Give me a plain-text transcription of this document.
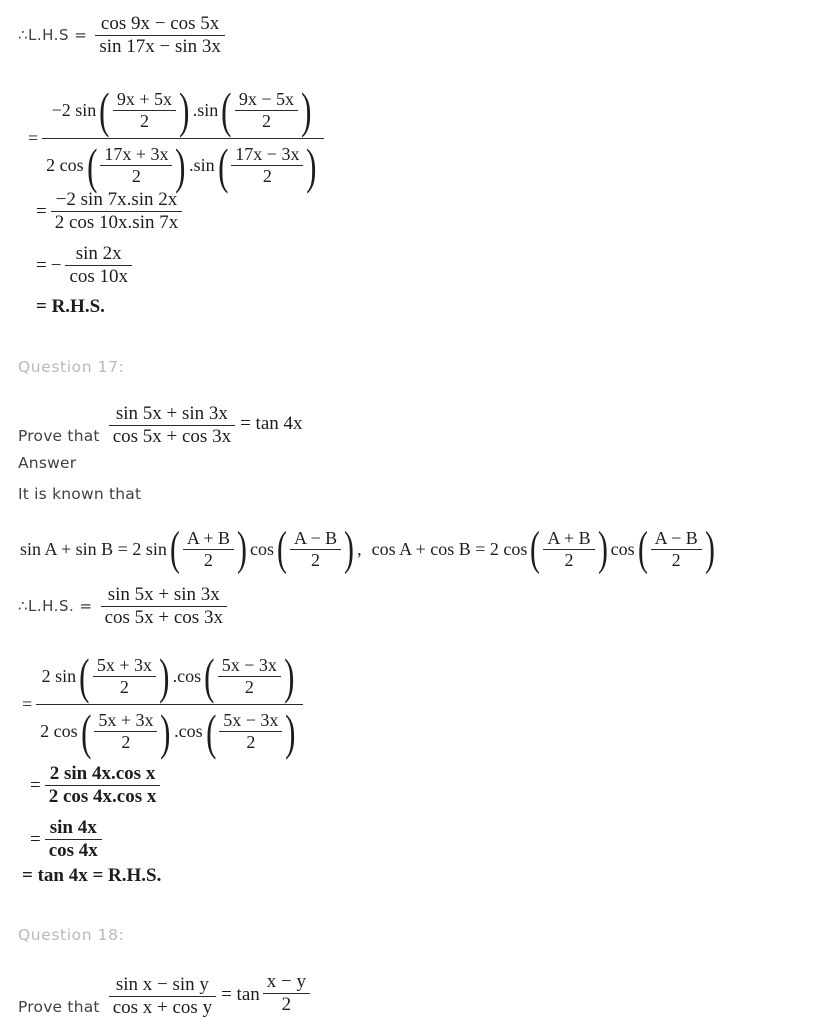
∴L.H.S = $\frac{\cos 9x - \cos 5x}{\sin 17x - \sin 3x}$
=
−2 sin ( $\frac{9x + 5x}{2}$ ) .sin ( $\frac{9x - 5x}{2}$ )
2 cos ( $\frac{17x + 3x}{2}$ ) .sin ( $\frac{17x - 3x}{2}$ )
= $\frac{-2 \sin 7x.\sin 2x}{2 \cos 10x.\sin 7x}$
= − $\frac{\sin 2x}{\cos 10x}$
= R.H.S.
Question 17:
Prove that $\frac{\sin 5x + \sin 3x}{\cos 5x + \cos 3x} = \tan 4x$
Answer
It is known that
sin A + sin B = 2 sin ( $\frac{A + B}{2}$ ) cos ( $\frac{A - B}{2}$ ) , cos A + cos B = 2 cos ( $\frac{A + B}{2}$ ) cos ( $\frac{A - B}{2}$ )
∴L.H.S. = $\frac{\sin 5x + \sin 3x}{\cos 5x + \cos 3x}$
=
2 sin ( $\frac{5x + 3x}{2}$ ) .cos ( $\frac{5x - 3x}{2}$ )
2 cos ( $\frac{5x + 3x}{2}$ ) .cos ( $\frac{5x - 3x}{2}$ )
= $\frac{\text{2 sin 4x.cos x}}{\text{2 cos 4x.cos x}}$
= $\frac{\sin 4x}{\cos 4x}$
= tan 4x = R.H.S.
Question 18:
Prove that $\frac{\text{sin x − sin y}}{\text{cos x + cos y}} = \tan \frac{x - y}{2}$
